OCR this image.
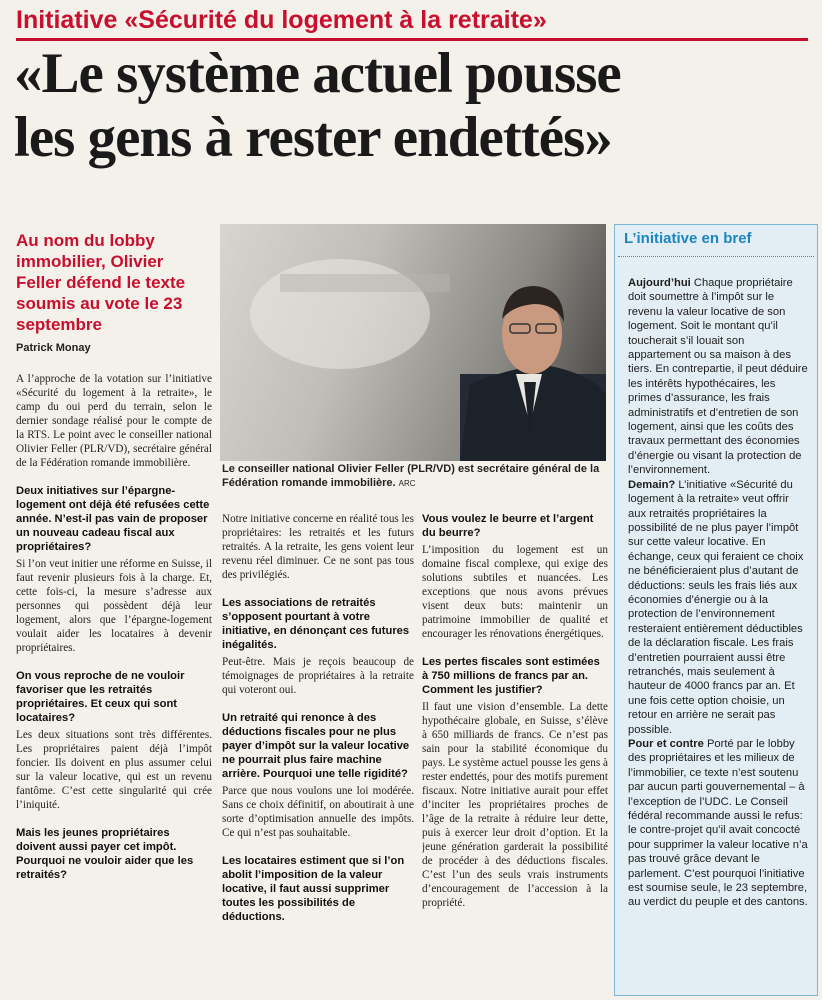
Initiative «Sécurité du logement à la retraite»
«Le système actuel pousse
les gens à rester endettés»
Au nom du lobby immobilier, Olivier Feller défend le texte soumis au vote le 23 septembre
Patrick Monay

A l’approche de la votation sur l’initiative «Sécurité du logement à la retraite», le camp du oui perd du terrain, selon le dernier sondage réalisé pour le compte de la RTS. Le point avec le conseiller national Olivier Feller (PLR/VD), secrétaire général de la Fédération romande immobilière.

Deux initiatives sur l’épargne-logement ont déjà été refusées cette année. N’est-il pas vain de proposer un nouveau cadeau fiscal aux propriétaires?

Si l’on veut initier une réforme en Suisse, il faut revenir plusieurs fois à la charge. Et, cette fois-ci, la mesure s’adresse aux personnes qui possèdent déjà leur logement, alors que l’épargne-logement voulait aider les locataires à devenir propriétaires.

On vous reproche de ne vouloir favoriser que les retraités propriétaires. Et ceux qui sont locataires?

Les deux situations sont très différentes. Les propriétaires paient déjà l’impôt foncier. Ils doivent en plus assumer celui sur la valeur locative, qui est un revenu fantôme. C’est cette singularité qui crée l’iniquité.

Mais les jeunes propriétaires doivent aussi payer cet impôt. Pourquoi ne vouloir aider que les retraités?

Le conseiller national Olivier Feller (PLR/VD) est secrétaire général de la Fédération romande immobilière. ARC

Notre initiative concerne en réalité tous les propriétaires: les retraités et les futurs retraités. A la retraite, les gens voient leur revenu réel diminuer. Ce ne sont pas tous des privilégiés.

Les associations de retraités s’opposent pourtant à votre initiative, en dénonçant ces futures inégalités.

Peut-être. Mais je reçois beaucoup de témoignages de propriétaires à la retraite qui voteront oui.

Un retraité qui renonce à des déductions fiscales pour ne plus payer d’impôt sur la valeur locative ne pourrait plus faire machine arrière. Pourquoi une telle rigidité?

Parce que nous voulons une loi modérée. Sans ce choix définitif, on aboutirait à une sorte d’optimisation annuelle des impôts. Ce qui n’est pas souhaitable.

Les locataires estiment que si l’on abolit l’imposition de la valeur locative, il faut aussi supprimer toutes les possibilités de déductions.

Vous voulez le beurre et l’argent du beurre?

L’imposition du logement est un domaine fiscal complexe, qui exige des solutions subtiles et nuancées. Les exceptions que nous avons prévues visent deux buts: maintenir un patrimoine immobilier de qualité et encourager les rénovations énergétiques.

Les pertes fiscales sont estimées à 750 millions de francs par an. Comment les justifier?

Il faut une vision d’ensemble. La dette hypothécaire globale, en Suisse, s’élève à 650 milliards de francs. Ce n’est pas sain pour la stabilité économique du pays. Le système actuel pousse les gens à rester endettés, pour des motifs purement fiscaux. Notre initiative aurait pour effet d’inciter les propriétaires proches de l’âge de la retraite à réduire leur dette, puis à exercer leur droit d’option. Et la jeune génération garderait la possibilité de procéder à des déductions fiscales. C’est l’un des seuls vrais instruments d’encouragement de l’accession à la propriété.

L’initiative en bref

Aujourd’hui Chaque propriétaire doit soumettre à l’impôt sur le revenu la valeur locative de son logement. Soit le montant qu’il toucherait s’il louait son appartement ou sa maison à des tiers. En contrepartie, il peut déduire les intérêts hypothécaires, les primes d’assurance, les frais administratifs et d’entretien de son logement, ainsi que les coûts des travaux permettant des économies d’énergie ou visant la protection de l’environnement.

Demain? L’initiative «Sécurité du logement à la retraite» veut offrir aux retraités propriétaires la possibilité de ne plus payer l’impôt sur cette valeur locative. En échange, ceux qui feraient ce choix ne bénéficieraient plus d’autant de déductions: seuls les frais liés aux économies d’énergie ou à la protection de l’environnement resteraient entièrement déductibles de la déclaration fiscale. Les frais d’entretien pourraient aussi être retranchés, mais seulement à hauteur de 4000 francs par an. Et une fois cette option choisie, un retour en arrière ne serait pas possible.

Pour et contre Porté par le lobby des propriétaires et les milieux de l’immobilier, ce texte n’est soutenu par aucun parti gouvernemental – à l’exception de l’UDC. Le Conseil fédéral recommande aussi le refus: le contre-projet qu’il avait concocté pour supprimer la valeur locative n’a pas trouvé grâce devant le parlement. C’est pourquoi l’initiative est soumise seule, le 23 septembre, au verdict du peuple et des cantons.
